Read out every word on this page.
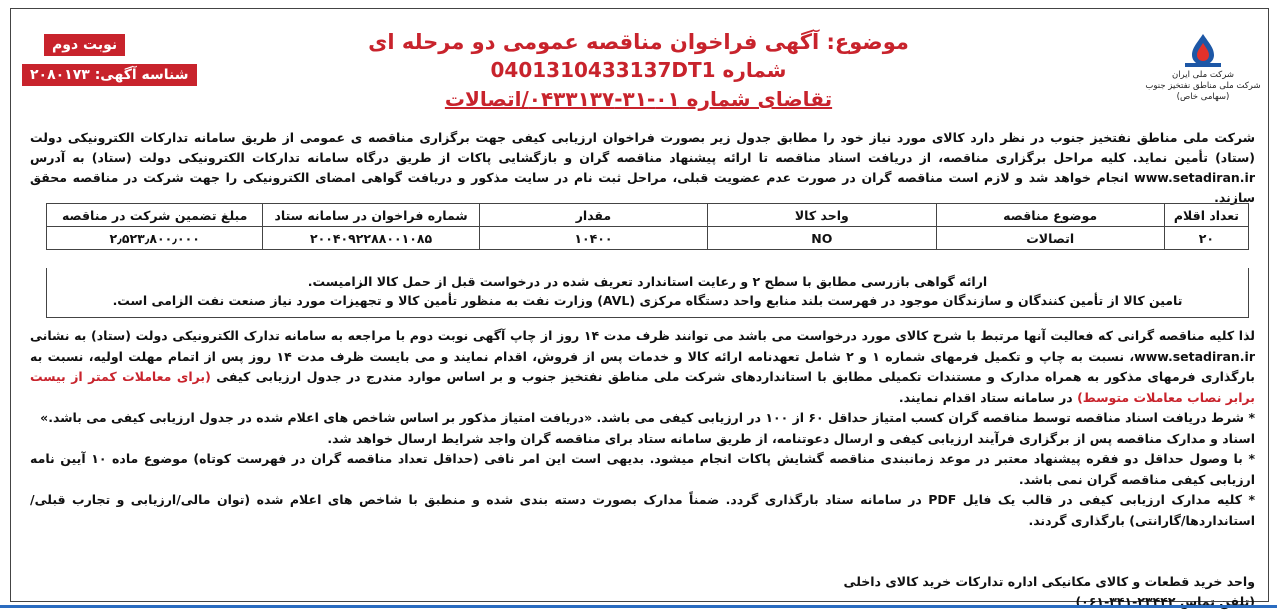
شرکت ملی ایران
شرکت ملی مناطق نفتخیز جنوب
(سهامی خاص)
نوبت دوم
شناسه آگهی: ۲۰۸۰۱۷۳
موضوع: آگهی فراخوان مناقصه عمومی دو مرحله ای
شماره 0401310433137DT1
تقاضای شماره ۰۱-۳۱-۰۴۳۳۱۳۷/اتصالات
شرکت ملی مناطق نفتخیز جنوب در نظر دارد کالای مورد نیاز خود را مطابق جدول زیر بصورت فراخوان ارزیابی کیفی جهت برگزاری مناقصه ی عمومی از طریق سامانه تدارکات الکترونیکی دولت (ستاد) تأمین نماید. کلیه مراحل برگزاری مناقصه، از دریافت اسناد مناقصه تا ارائه پیشنهاد مناقصه گران و بازگشایی پاکات از طریق درگاه سامانه تدارکات الکترونیکی دولت (ستاد) به آدرس www.setadiran.ir انجام خواهد شد و لازم است مناقصه گران در صورت عدم عضویت قبلی، مراحل ثبت نام در سایت مذکور و دریافت گواهی امضای الکترونیکی را جهت شرکت در مناقصه محقق سازند.
تعداد اقلام	موضوع مناقصه	واحد کالا	مقدار	شماره فراخوان در سامانه ستاد	مبلغ تضمین شرکت در مناقصه
۲۰	اتصالات	NO	۱۰۴۰۰	۲۰۰۴۰۹۲۲۸۸۰۰۱۰۸۵	۲٫۵۲۳٫۸۰۰٫۰۰۰
ارائه گواهی بازرسی مطابق با سطح ۲ و رعایت استاندارد تعریف شده در درخواست قبل از حمل کالا الزامیست.
تامین کالا از تأمین کنندگان و سازندگان موجود در فهرست بلند منابع واحد دستگاه مرکزی (AVL) وزارت نفت به منظور تأمین کالا و تجهیزات مورد نیاز صنعت نفت الزامی است.

لذا کلیه مناقصه گرانی که فعالیت آنها مرتبط با شرح کالای مورد درخواست می باشد می توانند ظرف مدت ۱۴ روز از چاپ آگهی نوبت دوم با مراجعه به سامانه تدارک الکترونیکی دولت (ستاد) به نشانی www.setadiran.ir، نسبت به چاپ و تکمیل فرمهای شماره ۱ و ۲ شامل تعهدنامه ارائه کالا و خدمات پس از فروش، اقدام نمایند و می بایست ظرف مدت ۱۴ روز پس از اتمام مهلت اولیه، نسبت به بارگذاری فرمهای مذکور به همراه مدارک و مستندات تکمیلی مطابق با استانداردهای شرکت ملی مناطق نفتخیز جنوب و بر اساس موارد مندرج در جدول ارزیابی کیفی (برای معاملات کمتر از بیست برابر نصاب معاملات متوسط) در سامانه ستاد اقدام نمایند.

* شرط دریافت اسناد مناقصه توسط مناقصه گران کسب امتیاز حداقل ۶۰ از ۱۰۰ در ارزیابی کیفی می باشد. «دریافت امتیاز مذکور بر اساس شاخص های اعلام شده در جدول ارزیابی کیفی می باشد.»

اسناد و مدارک مناقصه پس از برگزاری فرآیند ارزیابی کیفی و ارسال دعوتنامه، از طریق سامانه ستاد برای مناقصه گران واجد شرایط ارسال خواهد شد.

* با وصول حداقل دو فقره پیشنهاد معتبر در موعد زمانبندی مناقصه گشایش پاکات انجام میشود. بدیهی است این امر نافی (حداقل تعداد مناقصه گران در فهرست کوتاه) موضوع ماده ۱۰ آیین نامه ارزیابی کیفی مناقصه گران نمی باشد.

* کلیه مدارک ارزیابی کیفی در قالب یک فایل PDF در سامانه ستاد بارگذاری گردد. ضمناً مدارک بصورت دسته بندی شده و منطبق با شاخص های اعلام شده (توان مالی/ارزیابی و تجارب قبلی/استانداردها/گارانتی) بارگذاری گردند.

واحد خرید قطعات و کالای مکانیکی اداره تدارکات خرید کالای داخلی
(تلفن تماس ۲۳۴۴۲-۳۴۱-۰۶۱)
